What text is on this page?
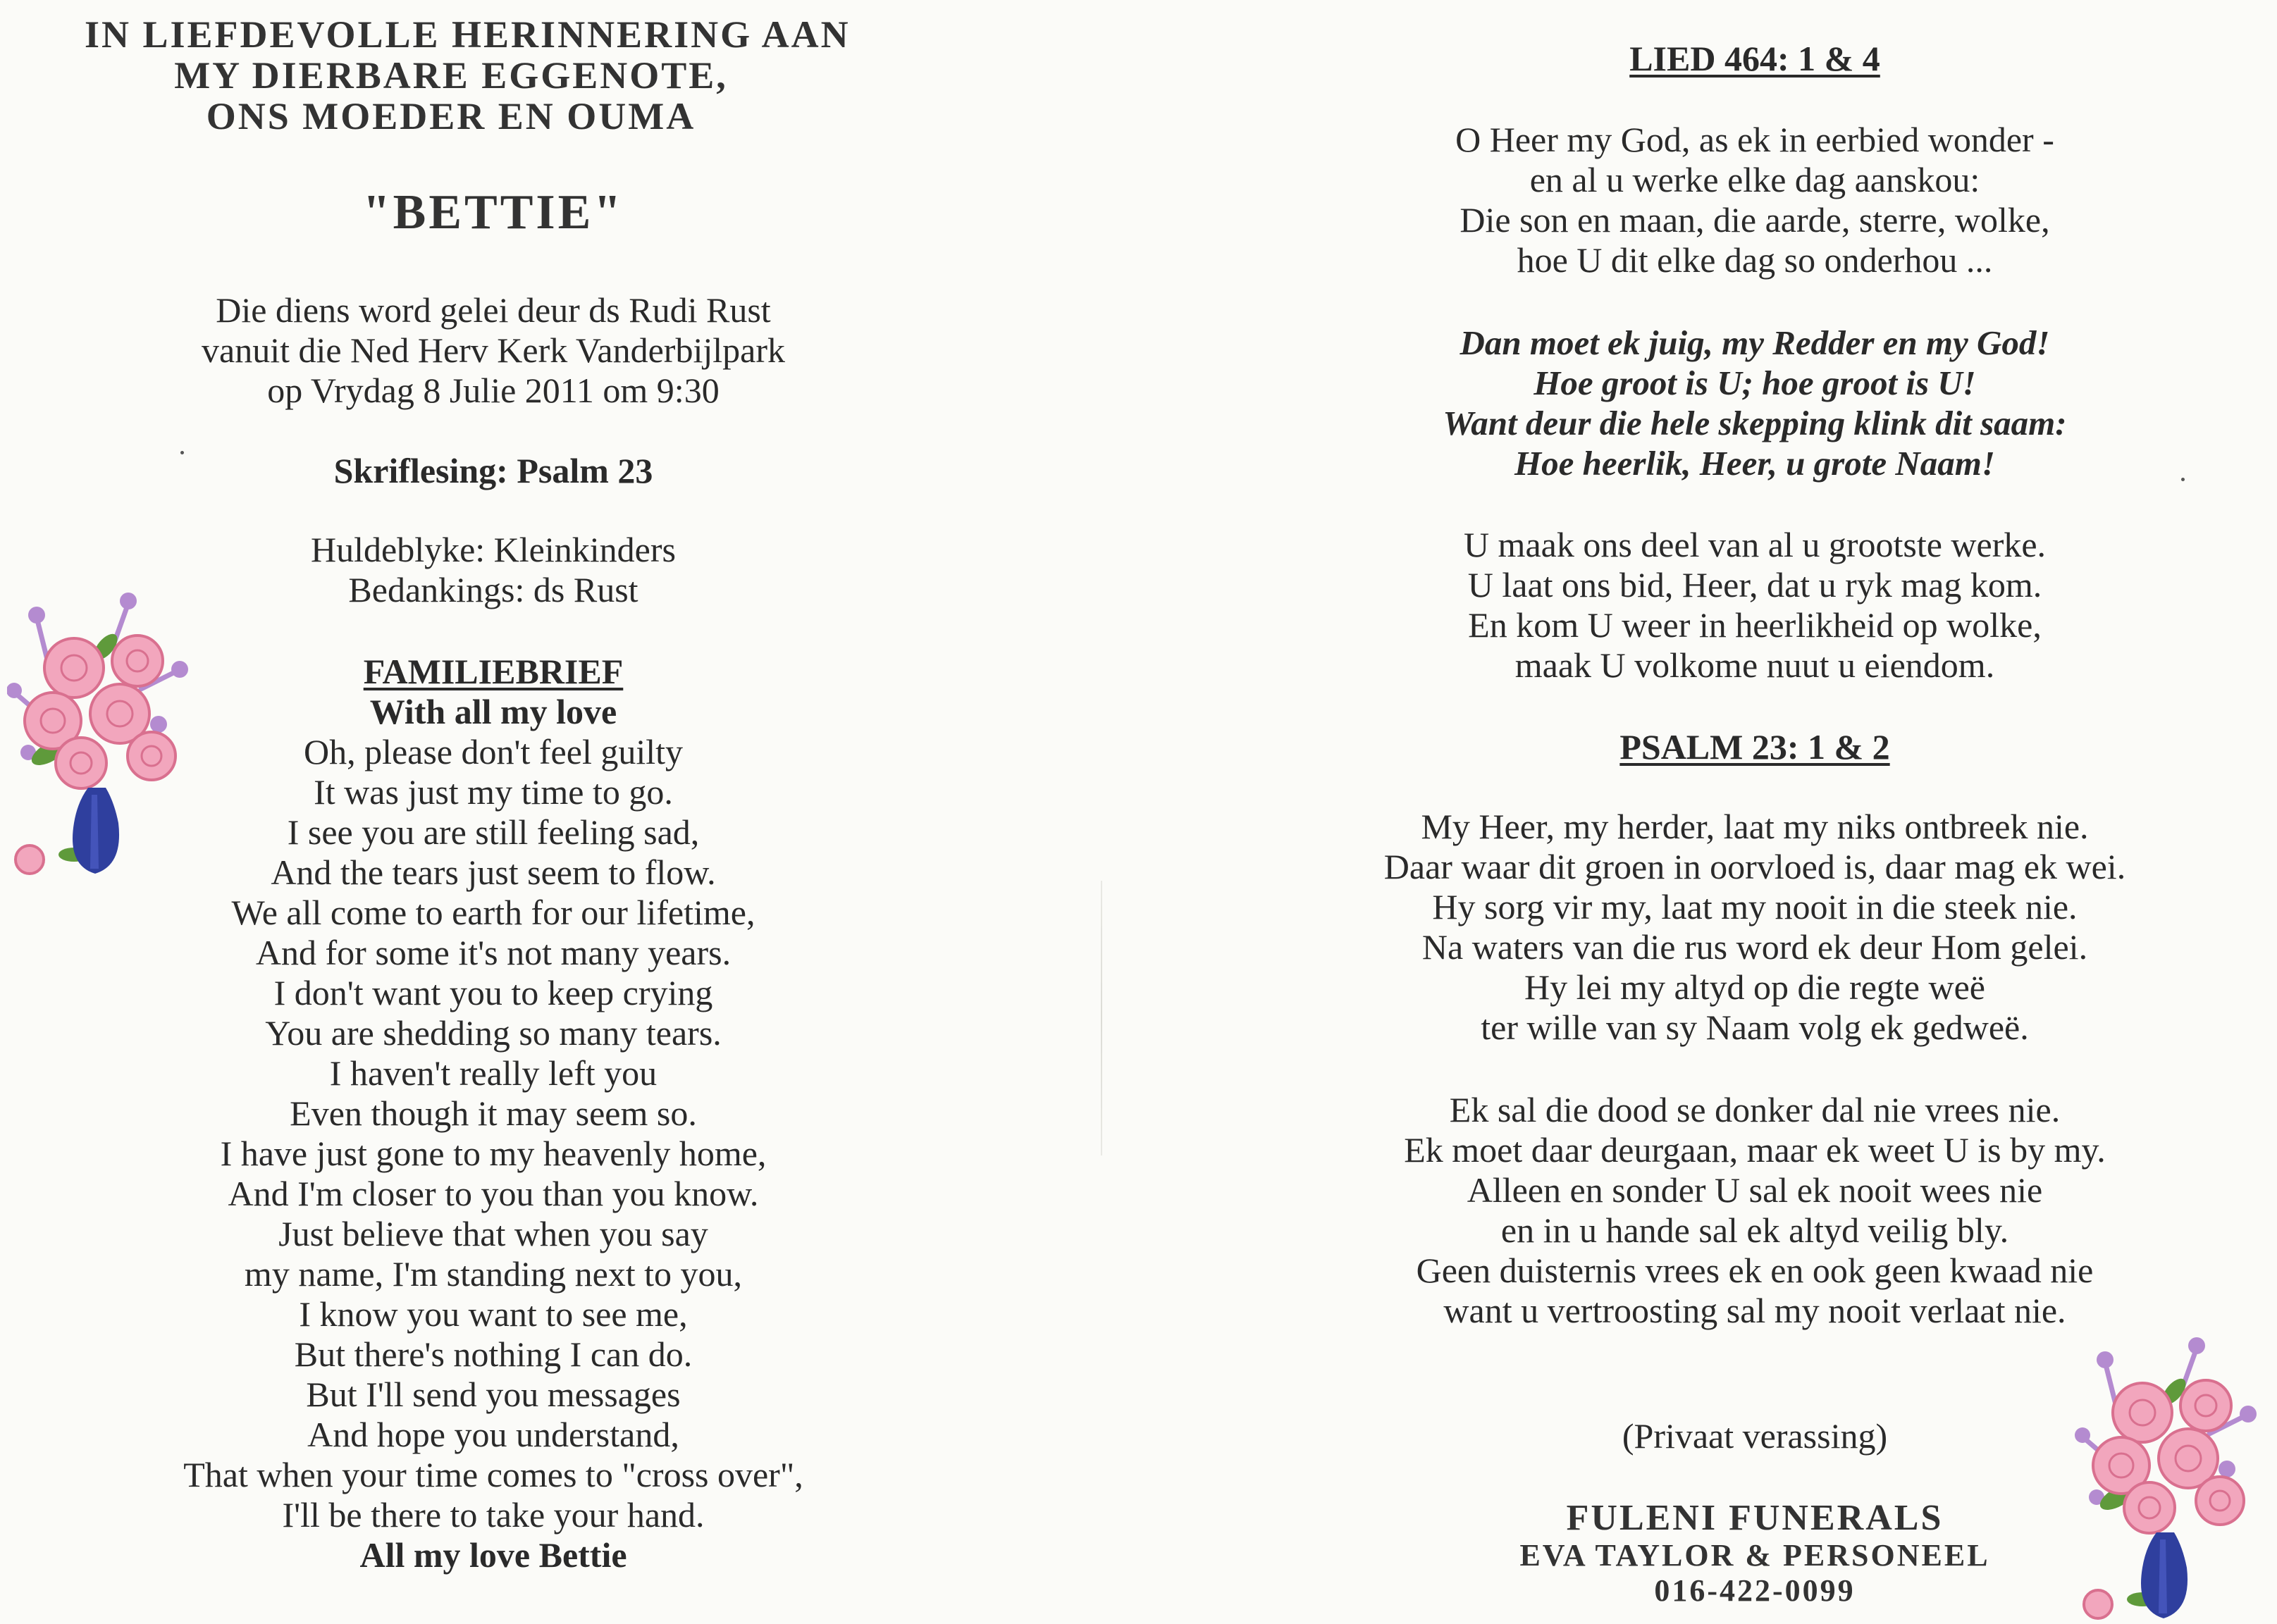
IN LIEFDEVOLLE HERINNERING AAN
MY DIERBARE EGGENOTE,
ONS MOEDER EN OUMA
"BETTIE"
Die diens word gelei deur ds Rudi Rust
vanuit die Ned Herv Kerk Vanderbijlpark
op Vrydag 8 Julie 2011 om 9:30
Skriflesing: Psalm 23
Huldeblyke: Kleinkinders
Bedankings: ds Rust
FAMILIEBRIEF
With all my love
Oh, please don't feel guilty
It was just my time to go.
I see you are still feeling sad,
And the tears just seem to flow.
We all come to earth for our lifetime,
And for some it's not many years.
I don't want you to keep crying
You are shedding so many tears.
I haven't really left you
Even though it may seem so.
I have just gone to my heavenly home,
And I'm closer to you than you know.
Just believe that when you say
my name, I'm standing next to you,
I know you want to see me,
But there's nothing I can do.
But I'll send you messages
And hope you understand,
That when your time comes to "cross over",
I'll be there to take your hand.
All my love Bettie
LIED 464: 1 & 4
O Heer my God, as ek in eerbied wonder -
en al u werke elke dag aanskou:
Die son en maan, die aarde, sterre, wolke,
hoe U dit elke dag so onderhou ...
Dan moet ek juig, my Redder en my God!
Hoe groot is U; hoe groot is U!
Want deur die hele skepping klink dit saam:
Hoe heerlik, Heer, u grote Naam!
U maak ons deel van al u grootste werke.
U laat ons bid, Heer, dat u ryk mag kom.
En kom U weer in heerlikheid op wolke,
maak U volkome nuut u eiendom.
PSALM 23: 1 & 2
My Heer, my herder, laat my niks ontbreek nie.
Daar waar dit groen in oorvloed is, daar mag ek wei.
Hy sorg vir my, laat my nooit in die steek nie.
Na waters van die rus word ek deur Hom gelei.
Hy lei my altyd op die regte weë
ter wille van sy Naam volg ek gedweë.
Ek sal die dood se donker dal nie vrees nie.
Ek moet daar deurgaan, maar ek weet U is by my.
Alleen en sonder U sal ek nooit wees nie
en in u hande sal ek altyd veilig bly.
Geen duisternis vrees ek en ook geen kwaad nie
want u vertroosting sal my nooit verlaat nie.
(Privaat verassing)
FULENI FUNERALS
EVA TAYLOR & PERSONEEL
016-422-0099
